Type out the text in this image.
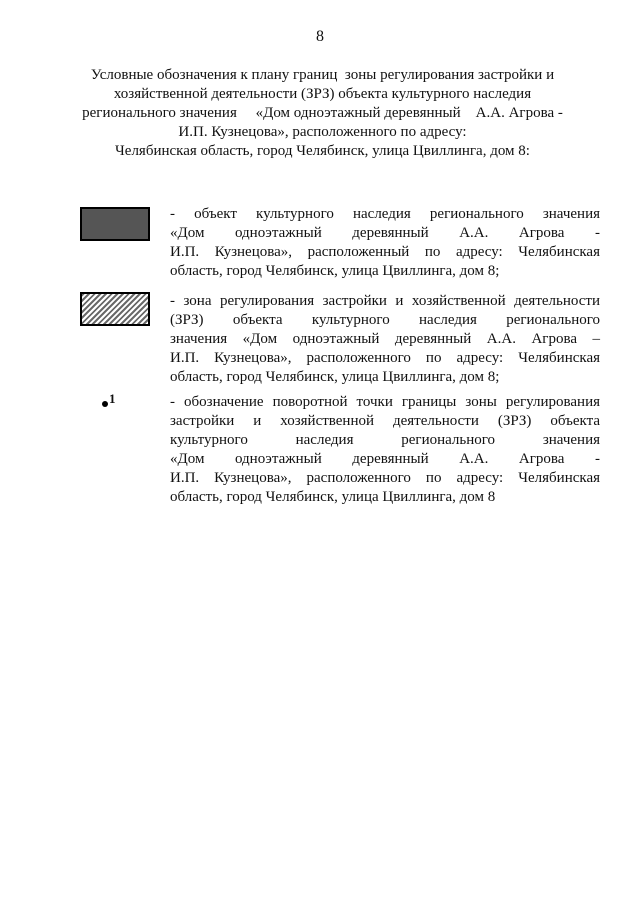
8
Условные обозначения к плану границ  зоны регулирования застройки и
хозяйственной деятельности (ЗРЗ) объекта культурного наследия
регионального значения     «Дом одноэтажный деревянный    А.А. Агрова -
И.П. Кузнецова», расположенного по адресу:
Челябинская область, город Челябинск, улица Цвиллинга, дом 8:
- объект культурного наследия регионального значения
«Дом одноэтажный деревянный А.А. Агрова -
И.П. Кузнецова», расположенный по адресу: Челябинская
область, город Челябинск, улица Цвиллинга, дом 8;
- зона регулирования застройки и хозяйственной деятельности
(ЗРЗ) объекта культурного наследия регионального
значения «Дом одноэтажный деревянный А.А. Агрова –
И.П. Кузнецова», расположенного по адресу: Челябинская
область, город Челябинск, улица Цвиллинга, дом 8;
1	- обозначение поворотной точки границы зоны регулирования
застройки и хозяйственной деятельности (ЗРЗ) объекта
культурного наследия регионального значения
«Дом одноэтажный деревянный А.А. Агрова -
И.П. Кузнецова», расположенного по адресу: Челябинская
область, город Челябинск, улица Цвиллинга, дом 8
